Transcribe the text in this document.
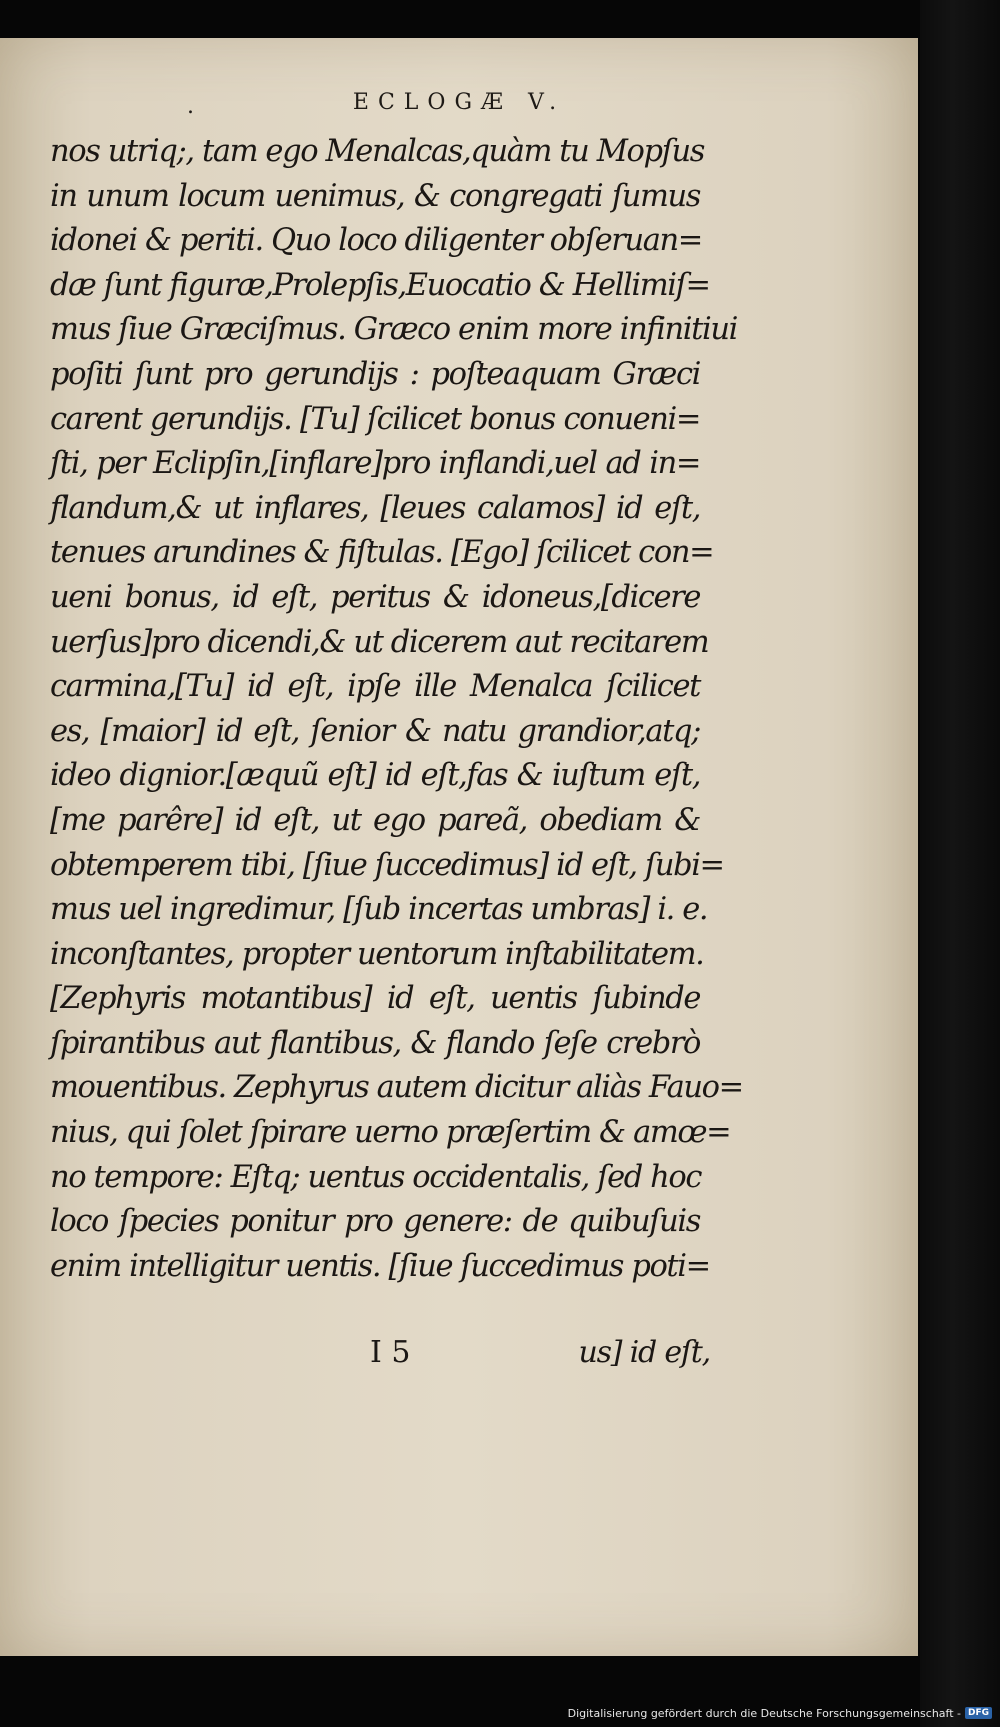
.	ECLOGÆ V.
nos utriq;, tam ego Menalcas,quàm tu Mopſus
in unum locum uenimus, & congregati ſumus
idonei & periti. Quo loco diligenter obſeruan=
dæ ſunt figuræ,Prolepſis,Euocatio & Hellimiſ=
mus ſiue Græciſmus. Græco enim more infinitiui
poſiti ſunt pro gerundijs : poſteaquam Græci
carent gerundijs. [Tu] ſcilicet bonus conueni=
ſti, per Eclipſin,[inflare]pro inflandi,uel ad in=
flandum,& ut inflares, [leues calamos] id eſt,
tenues arundines & fiſtulas. [Ego] ſcilicet con=
ueni bonus, id eſt, peritus & idoneus,[dicere
uerſus]pro dicendi,& ut dicerem aut recitarem
carmina,[Tu] id eſt, ipſe ille Menalca ſcilicet
es, [maior] id eſt, ſenior & natu grandior,atq;
ideo dignior.[æquũ eſt] id eſt,fas & iuſtum eſt,
[me parêre] id eſt, ut ego pareã, obediam &
obtemperem tibi, [ſiue ſuccedimus] id eſt, ſubi=
mus uel ingredimur, [ſub incertas umbras] i. e.
inconſtantes, propter uentorum inſtabilitatem.
[Zephyris motantibus] id eſt, uentis ſubinde
ſpirantibus aut flantibus, & flando ſeſe crebrò
mouentibus. Zephyrus autem dicitur aliàs Fauo=
nius, qui ſolet ſpirare uerno præſertim & amœ=
no tempore: Eſtq; uentus occidentalis, ſed hoc
loco ſpecies ponitur pro genere: de quibuſuis
enim intelligitur uentis. [ſiue ſuccedimus poti=
I 5	us] id eſt,
Digitalisierung gefördert durch die Deutsche Forschungsgemeinschaft - DFG
